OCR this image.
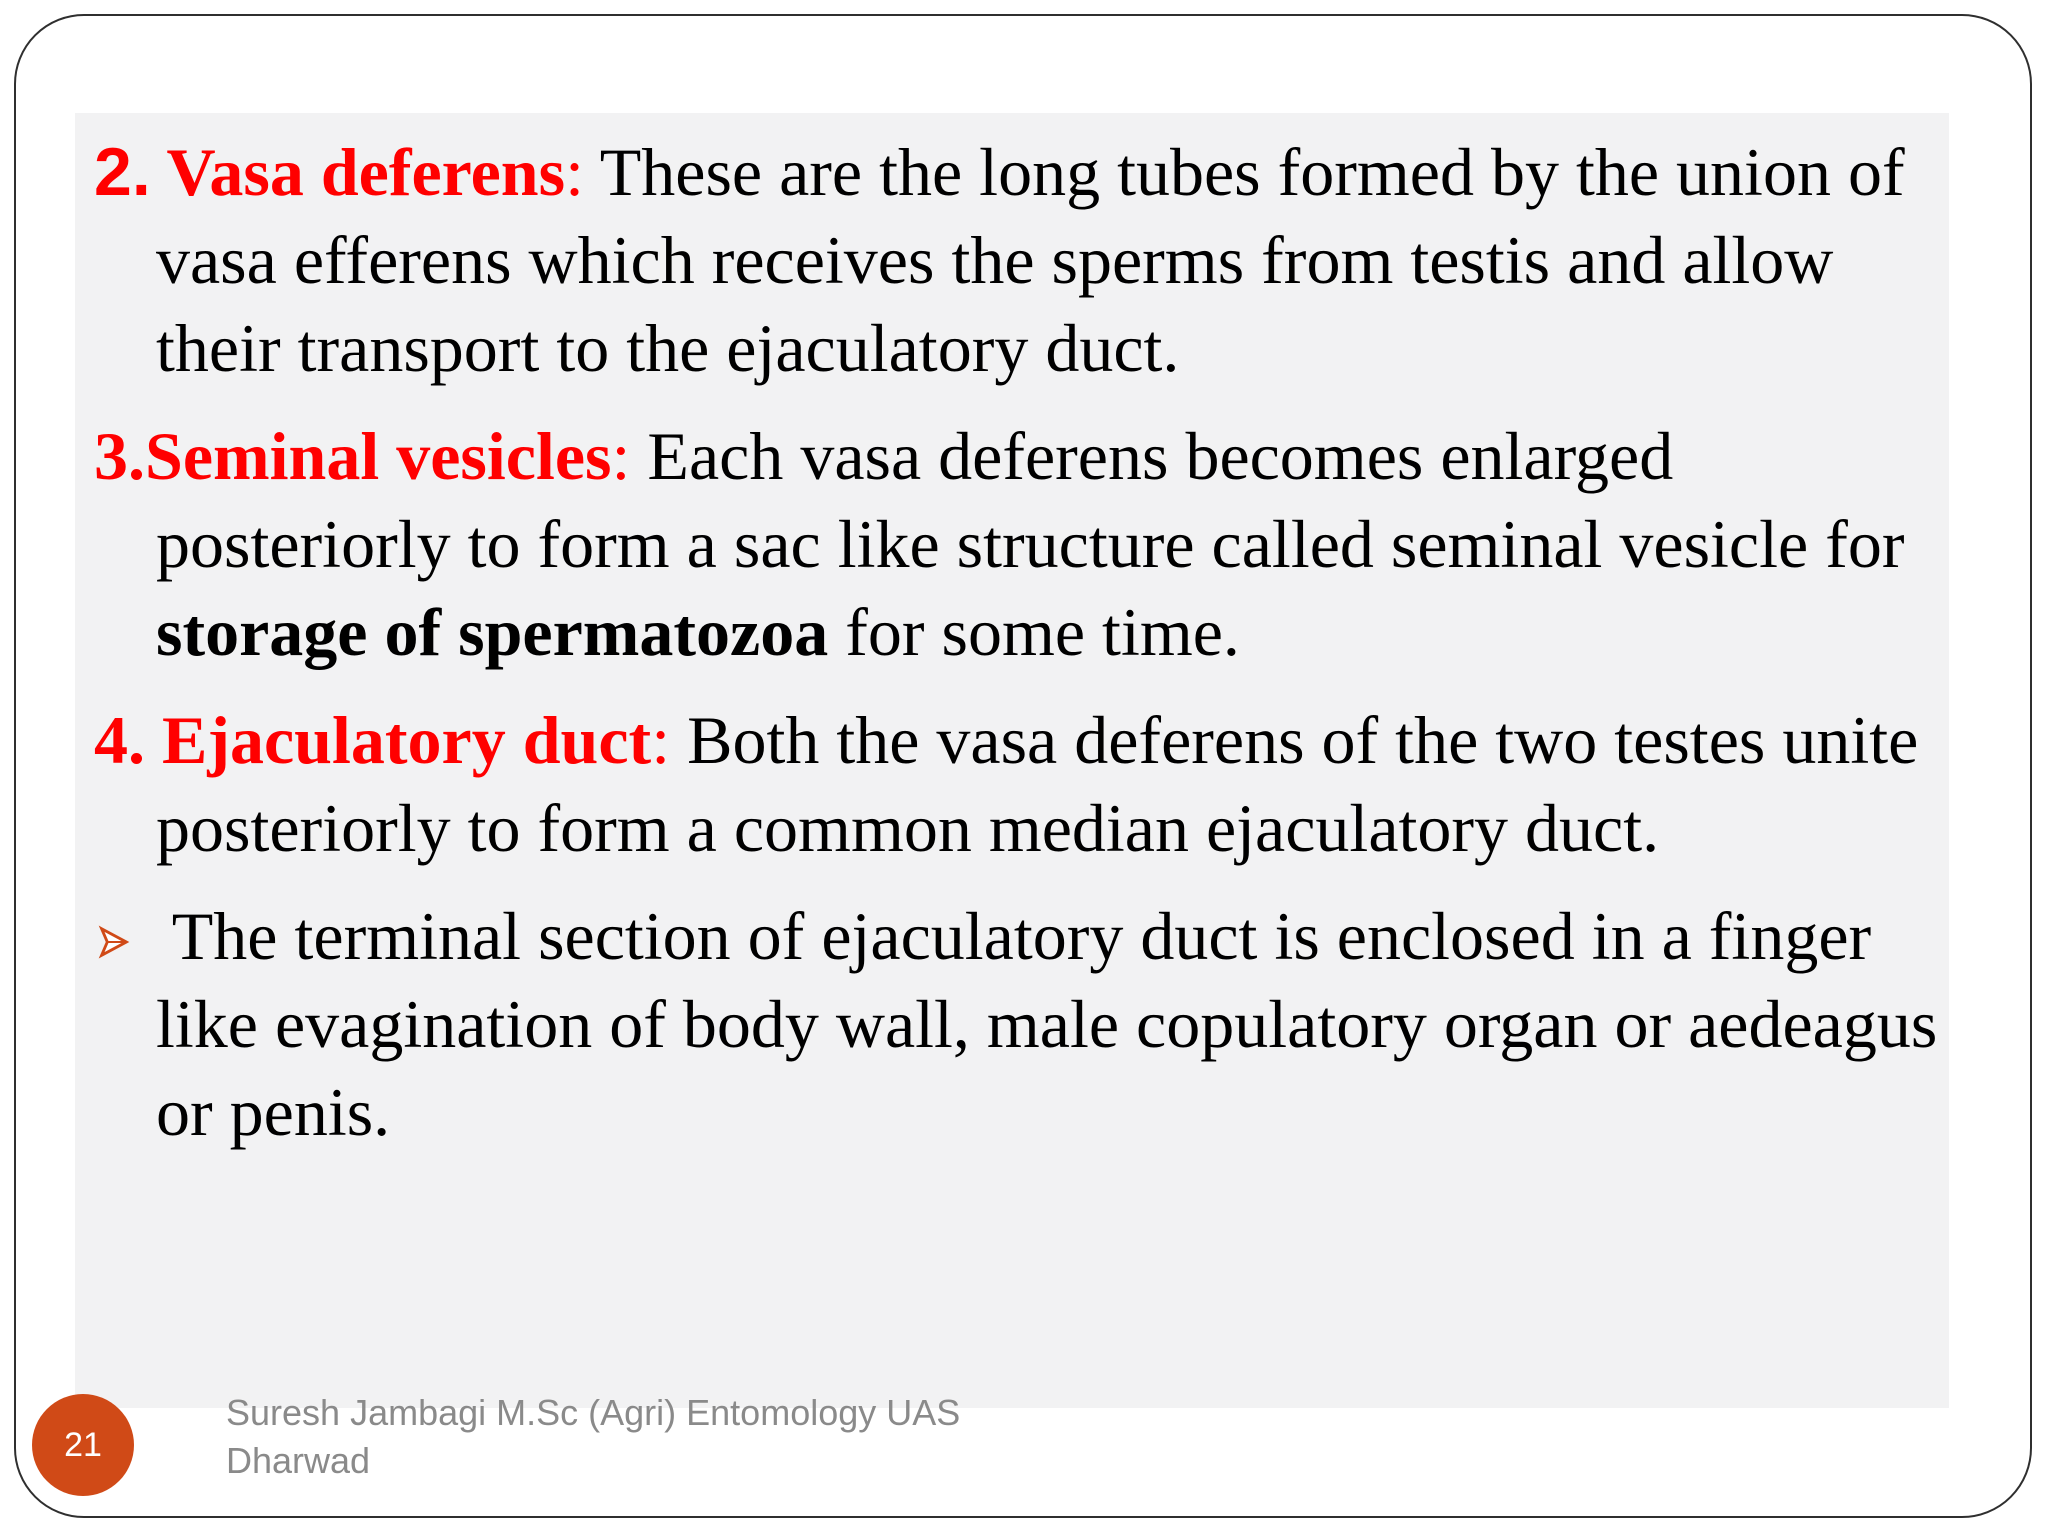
2. Vasa deferens: These are the long tubes formed by the union of vasa efferens which receives the sperms from testis and allow their transport to the ejaculatory duct.

3.Seminal vesicles: Each vasa deferens becomes enlarged posteriorly to form a sac like structure called seminal vesicle for storage of spermatozoa for some time.

4. Ejaculatory duct: Both the vasa deferens of the two testes unite posteriorly to form a common median ejaculatory duct.

The terminal section of ejaculatory duct is enclosed in a finger like evagination of body wall, male copulatory organ or aedeagus or penis.

21
Suresh Jambagi M.Sc (Agri) Entomology UAS
Dharwad
